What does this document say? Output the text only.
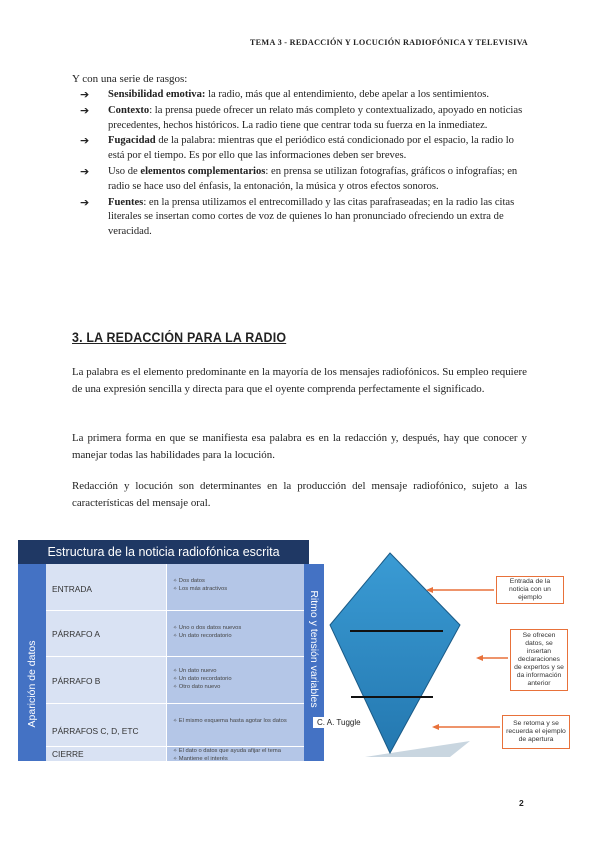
TEMA 3 - REDACCIÓN Y LOCUCIÓN RADIOFÓNICA Y TELEVISIVA
Y con una serie de rasgos:
➔ Sensibilidad emotiva: la radio, más que al entendimiento, debe apelar a los sentimientos.
➔ Contexto: la prensa puede ofrecer un relato más completo y contextualizado, apoyado en noticias precedentes, hechos históricos. La radio tiene que centrar toda su fuerza en la inmediatez.
➔ Fugacidad de la palabra: mientras que el periódico está condicionado por el espacio, la radio lo está por el tiempo. Es por ello que las informaciones deben ser breves.
➔ Uso de elementos complementarios: en prensa se utilizan fotografías, gráficos o infografías; en radio se hace uso del énfasis, la entonación, la música y otros efectos sonoros.
➔ Fuentes: en la prensa utilizamos el entrecomillado y las citas parafraseadas; en la radio las citas literales se insertan como cortes de voz de quienes lo han pronunciado ofreciendo un extra de veracidad.
3. LA REDACCIÓN PARA LA RADIO

La palabra es el elemento predominante en la mayoría de los mensajes radiofónicos. Su empleo requiere de una expresión sencilla y directa para que el oyente comprenda perfectamente el significado.

La primera forma en que se manifiesta esa palabra es en la redacción y, después, hay que conocer y manejar todas las habilidades para la locución.

Redacción y locución son determinantes en la producción del mensaje radiofónico, sujeto a las características del mensaje oral.

Estructura de la noticia radiofónica escrita
Aparición de datos	Ritmo y tensión variables
ENTRADA
✧ Dos datos
✧ Los más atractivos
PÁRRAFO A
✧ Uno o dos datos nuevos
✧ Un dato recordatorio
PÁRRAFO B
✧ Un dato nuevo
✧ Un dato recordatorio
✧ Otro dato nuevo
PÁRRAFOS C, D, ETC
✧ El mismo esquema hasta agotar los datos
CIERRE
✧	El dato o datos que ayuda afijar el tema
✧ Mantiene el interés
Entrada de la noticia con un ejemplo
Se ofrecen datos, se insertan declaraciones de expertos y se da información anterior
Se retoma y se recuerda el ejemplo de apertura
C. A. Tuggle
2
